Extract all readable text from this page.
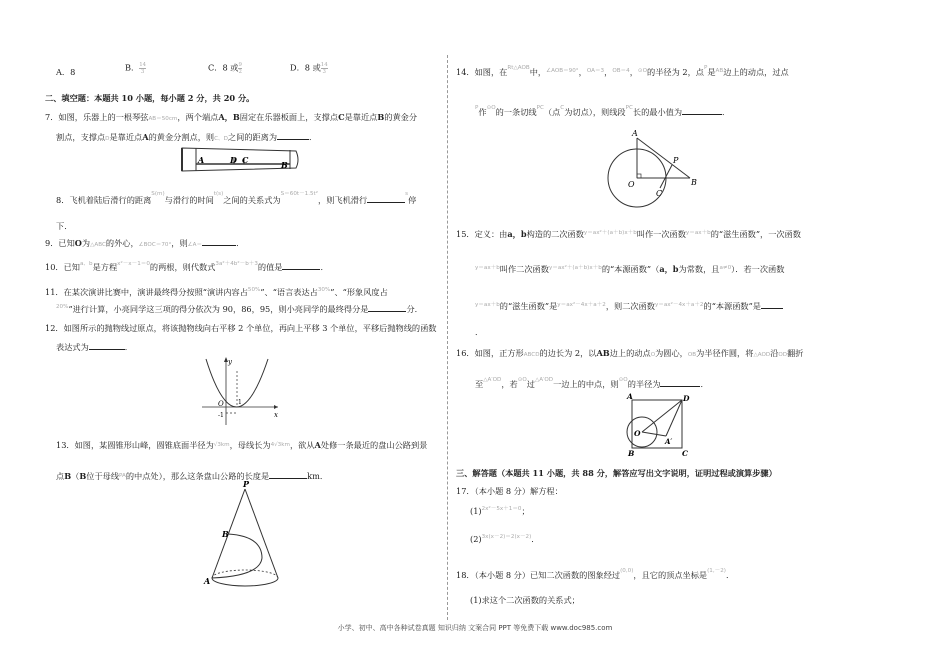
A．8	B． $\frac{14}{3}$	C．8 或 $\frac{9}{2}$	D．8 或 $\frac{14}{3}$
二、填空题：本题共 10 小题，每小题 2 分，共 20 分。
7．如图，乐器上的一根琴弦AB＝50cm，两个端点A，B固定在乐器板面上，支撑点C是靠近点B的黄金分
割点，支撑点D是靠近点A的黄金分割点，则C、D之间的距离为	．
A	D C	B
8．飞机着陆后滑行的距离$^{S(m)}$与滑行的时间$^{t(s)}$之间的关系式为$^{S=60t-1.5t^2}$，则飞机滑行$^s$停
下．
9．已知O为△ABC的外心，∠BOC＝70°，则∠A＝	．
10．已知$^{a、b}$是方程$^{x^2-x-1=0}$的两根，则代数式$^{3a^2+4b^2-b+3}$的值是	．
11．在某次演讲比赛中，演讲最终得分按照“演讲内容占$^{50\%}$”、“语言表达占$^{30\%}$”、“形象风度占
$^{20\%}$”进行计算，小亮同学这三项的得分依次为 90，86，95，则小亮同学的最终得分是	分．
12．如图所示的抛物线过原点，将该抛物线向右平移 2 个单位，再向上平移 3 个单位，平移后抛物线的函数
表达式为	．
y
x
O 1
-1
13．如图，某圆锥形山峰，圆锥底面半径为$^{√3km}$，母线长为$^{4√3km}$，欲从A处修一条最近的盘山公路到景
点B（B位于母线$^{PA}$的中点处），那么这条盘山公路的长度是	km．
P
B
A
14．如图，在$^{Rt\triangle AOB}$中，$^{\angle AOB=90^\circ}$，$^{OA=3}$，$^{OB=4}$，$^{⊙O}$的半径为 2，点$^P$是$^{AB}$边上的动点，过点
$^P$作$^{⊙O}$的一条切线$^{PC}$（点$^C$为切点），则线段$^{PC}$长的最小值为	．
A
P
O
C
B
15．定义：由a，b构造的二次函数$^{y=ax^2+(a+b)x+b}$叫作一次函数$^{y=ax+b}$的“滋生函数”，一次函数
$^{y=ax+b}$叫作二次函数$^{y=ax^2+(a+b)x+b}$的“本源函数”（a，b为常数，且$^{a\ne 0}$）．若一次函数
$^{y=ax+b}$的“滋生函数”是$^{y=ax^2-4x+a+2}$，则二次函数$^{y=ax^2-4x+a+2}$的“本源函数”是
．
16．如图，正方形ABCD的边长为 2，以AB边上的动点O为圆心，OB为半径作圆，将△AOD沿OD翻折
至$^{\triangle A'OD}$，若$^{⊙O}$过$^{\triangle A'OD}$一边上的中点，则$^{⊙O}$的半径为	．
A	D
O
A′
B	C
三、解答题（本题共 11 小题，共 88 分，解答应写出文字说明，证明过程或演算步骤）
17．（本小题 8 分）解方程：
$(1)^{2x^2-5x+1=0}$；
$(2)^{3x(x-2)=2(x-2)}$．
18．（本小题 8 分）已知二次函数的图象经过$^{(0,0)}$，且它的顶点坐标是$^{(1,-2)}$．
(1)求这个二次函数的关系式；
小学、初中、高中各种试卷真题 知识归纳 文案合同 PPT 等免费下载 www.doc985.com
